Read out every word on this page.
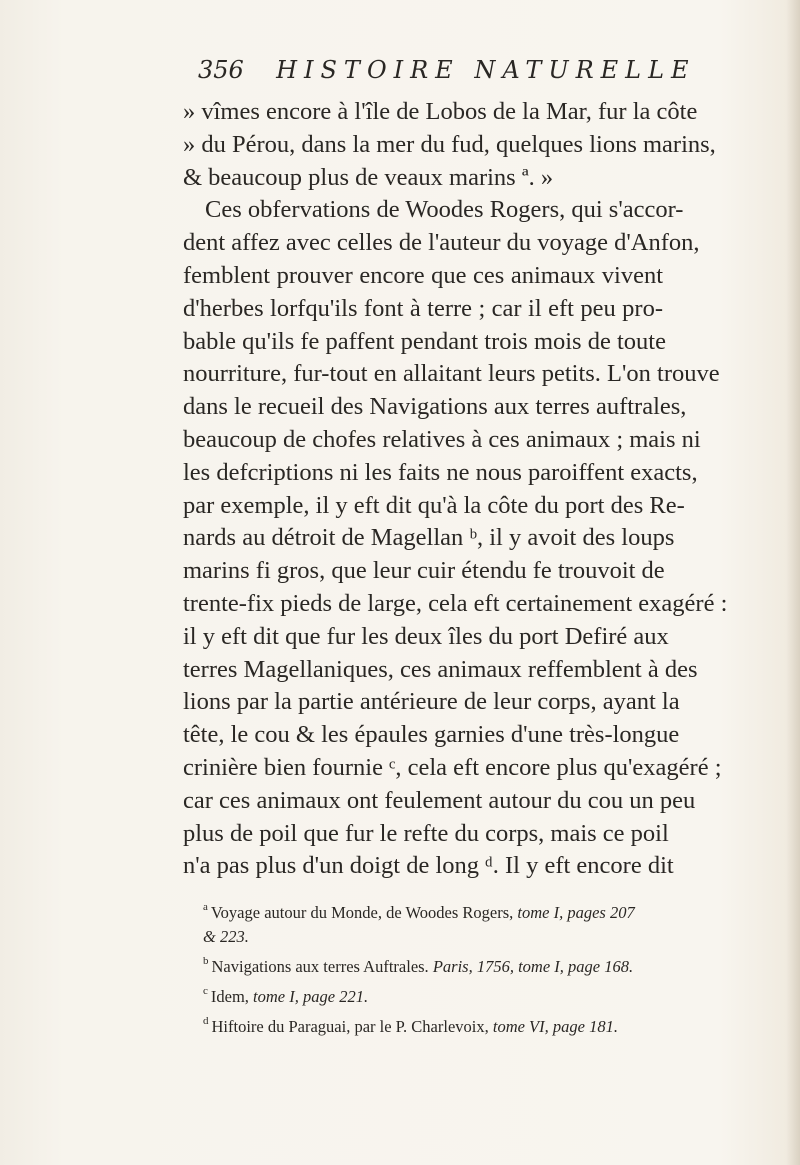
356 HISTOIRE NATURELLE
» vîmes encore à l'île de Lobos de la Mar, fur la côte
» du Pérou, dans la mer du fud, quelques lions marins,
& beaucoup plus de veaux marins ª. »
Ces obfervations de Woodes Rogers, qui s'accor-
dent affez avec celles de l'auteur du voyage d'Anfon,
femblent prouver encore que ces animaux vivent
d'herbes lorfqu'ils font à terre ; car il eft peu pro-
bable qu'ils fe paffent pendant trois mois de toute
nourriture, fur-tout en allaitant leurs petits. L'on trouve
dans le recueil des Navigations aux terres auftrales,
beaucoup de chofes relatives à ces animaux ; mais ni
les defcriptions ni les faits ne nous paroiffent exacts,
par exemple, il y eft dit qu'à la côte du port des Re-
nards au détroit de Magellan ᵇ, il y avoit des loups
marins fi gros, que leur cuir étendu fe trouvoit de
trente-fix pieds de large, cela eft certainement exagéré :
il y eft dit que fur les deux îles du port Defiré aux
terres Magellaniques, ces animaux reffemblent à des
lions par la partie antérieure de leur corps, ayant la
tête, le cou & les épaules garnies d'une très-longue
crinière bien fournie ᶜ, cela eft encore plus qu'exagéré ;
car ces animaux ont feulement autour du cou un peu
plus de poil que fur le refte du corps, mais ce poil
n'a pas plus d'un doigt de long ᵈ. Il y eft encore dit
$^a$ Voyage autour du Monde, de Woodes Rogers, tome I, pages 207
& 223.
$^b$ Navigations aux terres Auftrales. Paris, 1756, tome I, page 168.
$^c$ Idem, tome I, page 221.
$^d$ Hiftoire du Paraguai, par le P. Charlevoix, tome VI, page 181.
